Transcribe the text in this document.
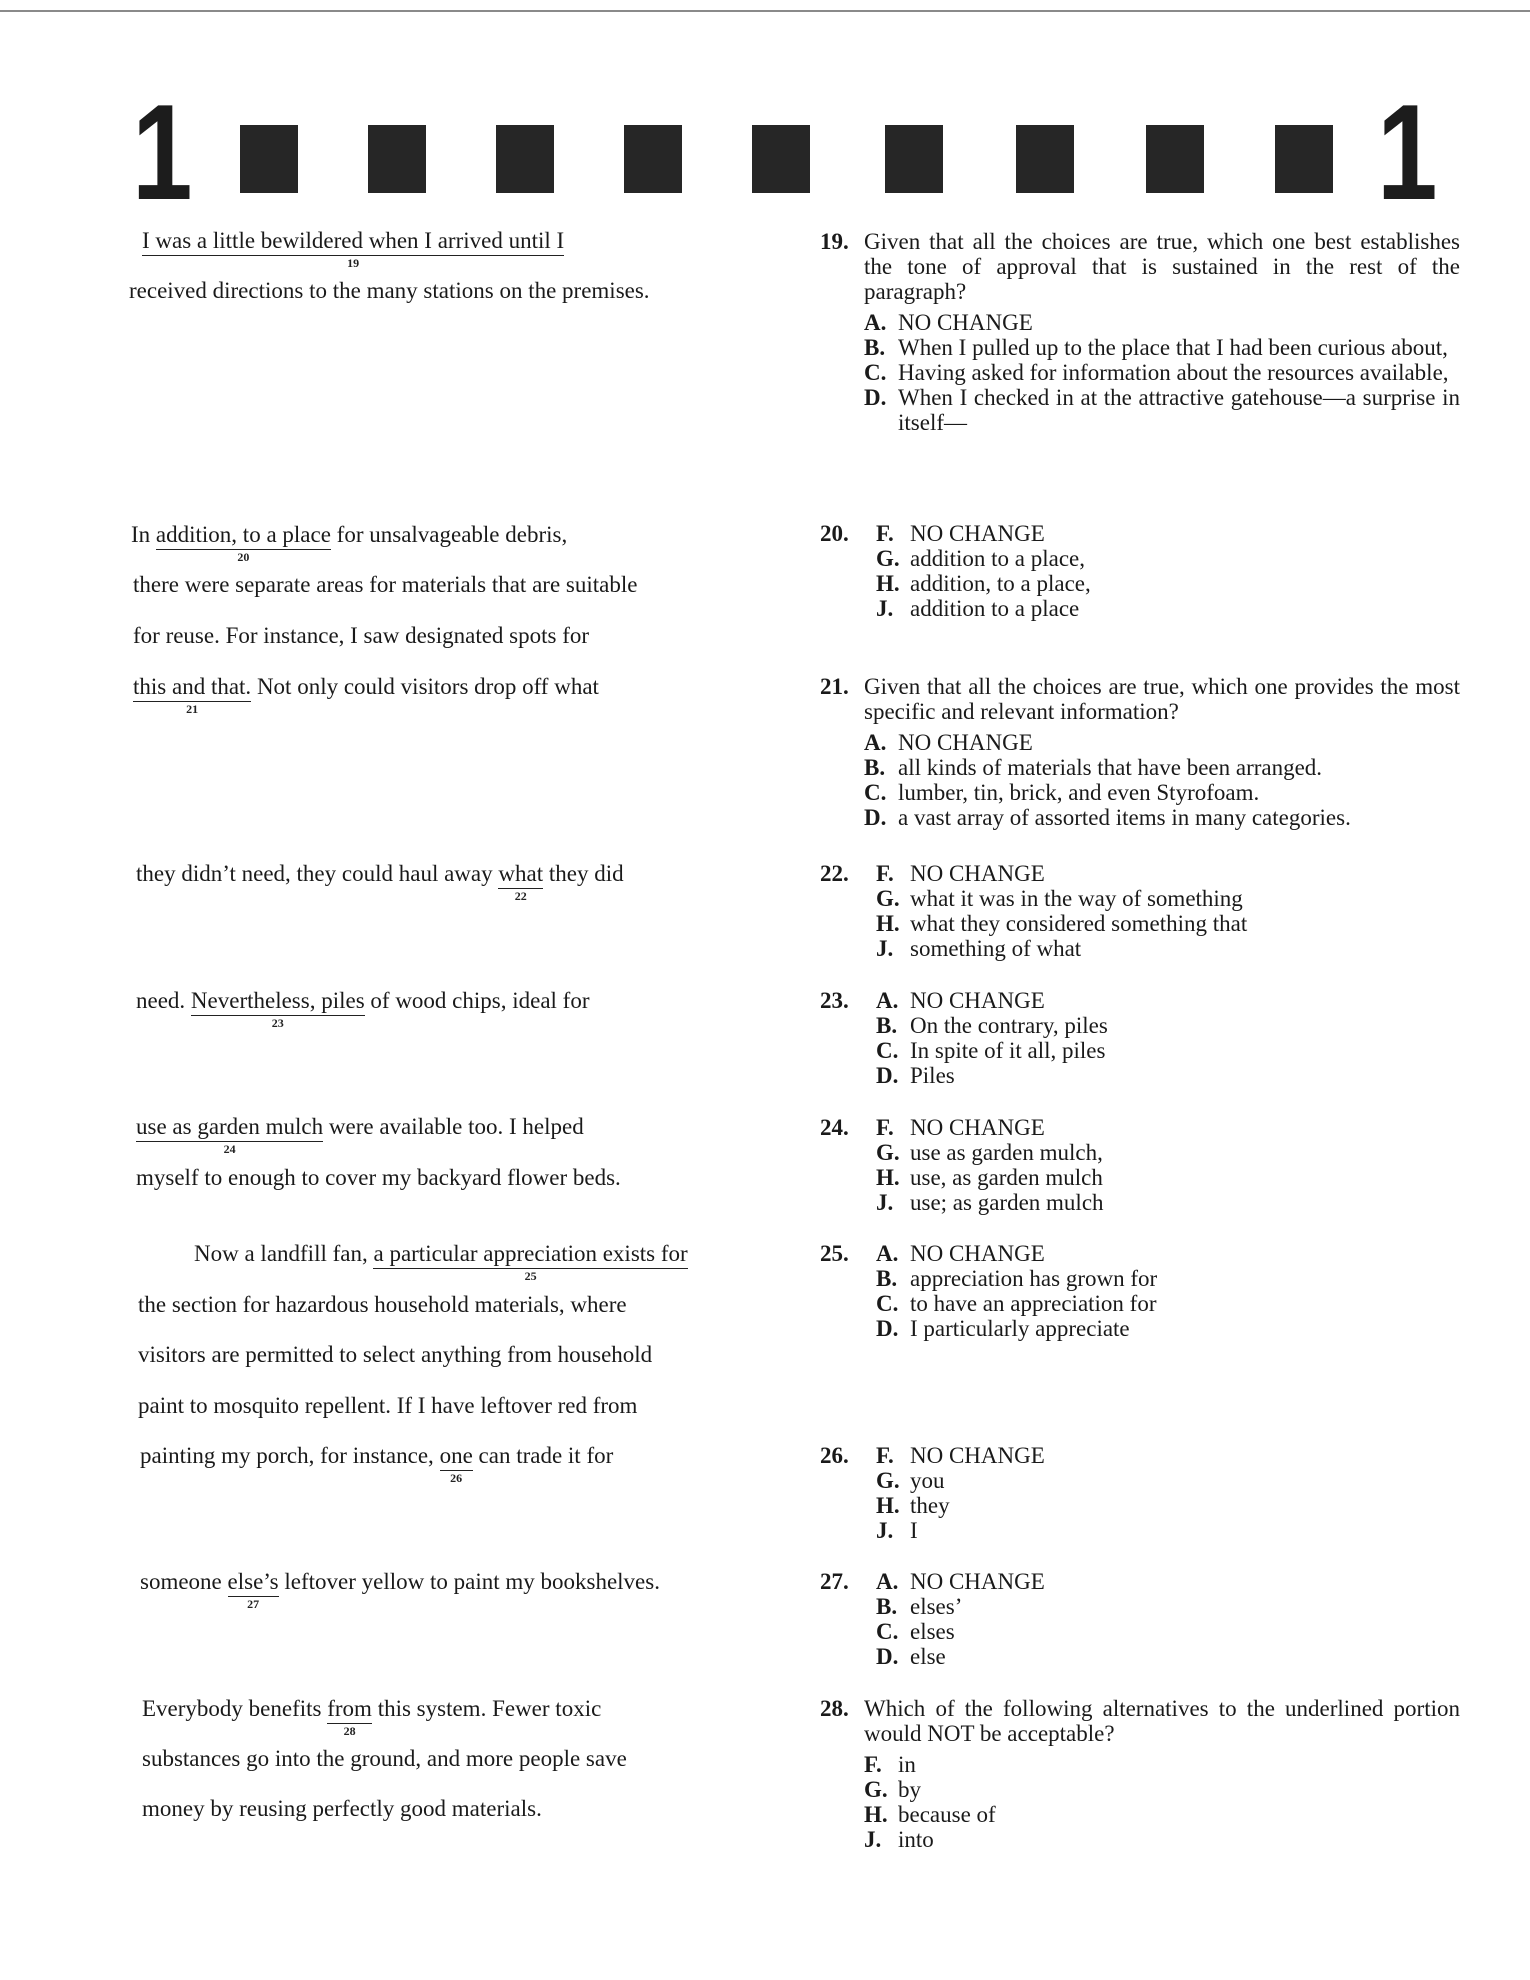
1	1
I was a little bewildered when I arrived until I
19
received directions to the many stations on the premises.
In addition, to a place
20
for unsalvageable debris,
there were separate areas for materials that are suitable
for reuse. For instance, I saw designated spots for
this and that.
21
Not only could visitors drop off what
they didn’t need, they could haul away what
22
they did
need. Nevertheless, piles
23
of wood chips, ideal for
use as garden mulch
24
were available too. I helped
myself to enough to cover my backyard flower beds.
Now a landfill fan, a particular appreciation exists for
25
the section for hazardous household materials, where
visitors are permitted to select anything from household
paint to mosquito repellent. If I have leftover red from
painting my porch, for instance, one
26
can trade it for
someone else’s
27
leftover yellow to paint my bookshelves.
Everybody benefits from
28
this system. Fewer toxic
substances go into the ground, and more people save
money by reusing perfectly good materials.
19. Given that all the choices are true, which one best establishes the tone of approval that is sustained in the rest of the paragraph?
A. NO CHANGE
B. When I pulled up to the place that I had been curious about,
C. Having asked for information about the resources available,
D. When I checked in at the attractive gatehouse—a surprise in itself—
20.	F. NO CHANGE
G. addition to a place,
H. addition, to a place,
J. addition to a place
21. Given that all the choices are true, which one provides the most specific and relevant information?
A. NO CHANGE
B. all kinds of materials that have been arranged.
C. lumber, tin, brick, and even Styrofoam.
D. a vast array of assorted items in many categories.
22.	F. NO CHANGE
G. what it was in the way of something
H. what they considered something that
J. something of what
23.	A. NO CHANGE
B. On the contrary, piles
C. In spite of it all, piles
D. Piles
24.	F. NO CHANGE
G. use as garden mulch,
H. use, as garden mulch
J. use; as garden mulch
25.	A. NO CHANGE
B. appreciation has grown for
C. to have an appreciation for
D. I particularly appreciate
26.	F. NO CHANGE
G. you
H. they
J. I
27.	A. NO CHANGE
B. elses’
C. elses
D. else
28. Which of the following alternatives to the underlined portion would NOT be acceptable?
F. in
G. by
H. because of
J. into
